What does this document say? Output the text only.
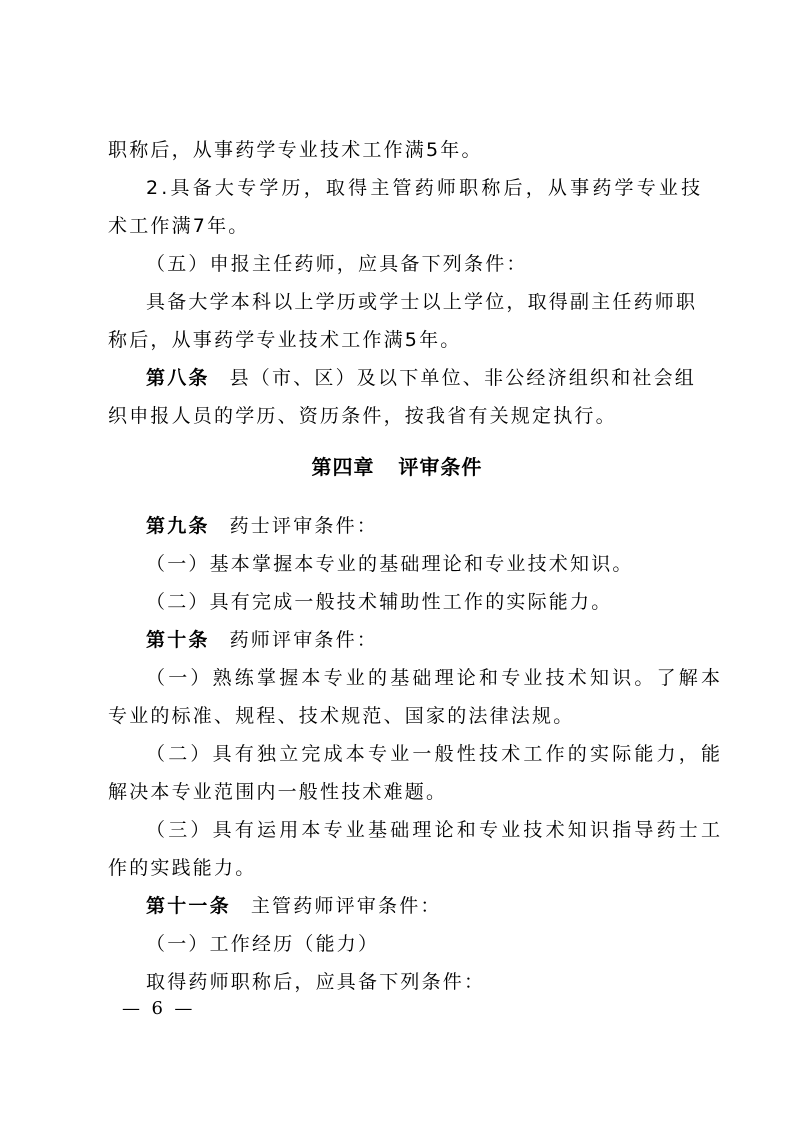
职称后，从事药学专业技术工作满5年。
2.具备大专学历，取得主管药师职称后，从事药学专业技
术工作满7年。
（五）申报主任药师，应具备下列条件：
具备大学本科以上学历或学士以上学位，取得副主任药师职
称后，从事药学专业技术工作满5年。
第八条 县（市、区）及以下单位、非公经济组织和社会组
织申报人员的学历、资历条件，按我省有关规定执行。
第四章   评审条件
第九条 药士评审条件：
（一）基本掌握本专业的基础理论和专业技术知识。
（二）具有完成一般技术辅助性工作的实际能力。
第十条 药师评审条件：
（一）熟练掌握本专业的基础理论和专业技术知识。了解本
专业的标准、规程、技术规范、国家的法律法规。
（二）具有独立完成本专业一般性技术工作的实际能力，能
解决本专业范围内一般性技术难题。
（三）具有运用本专业基础理论和专业技术知识指导药士工
作的实践能力。
第十一条 主管药师评审条件：
（一）工作经历（能力）
取得药师职称后，应具备下列条件：
—  6  —
